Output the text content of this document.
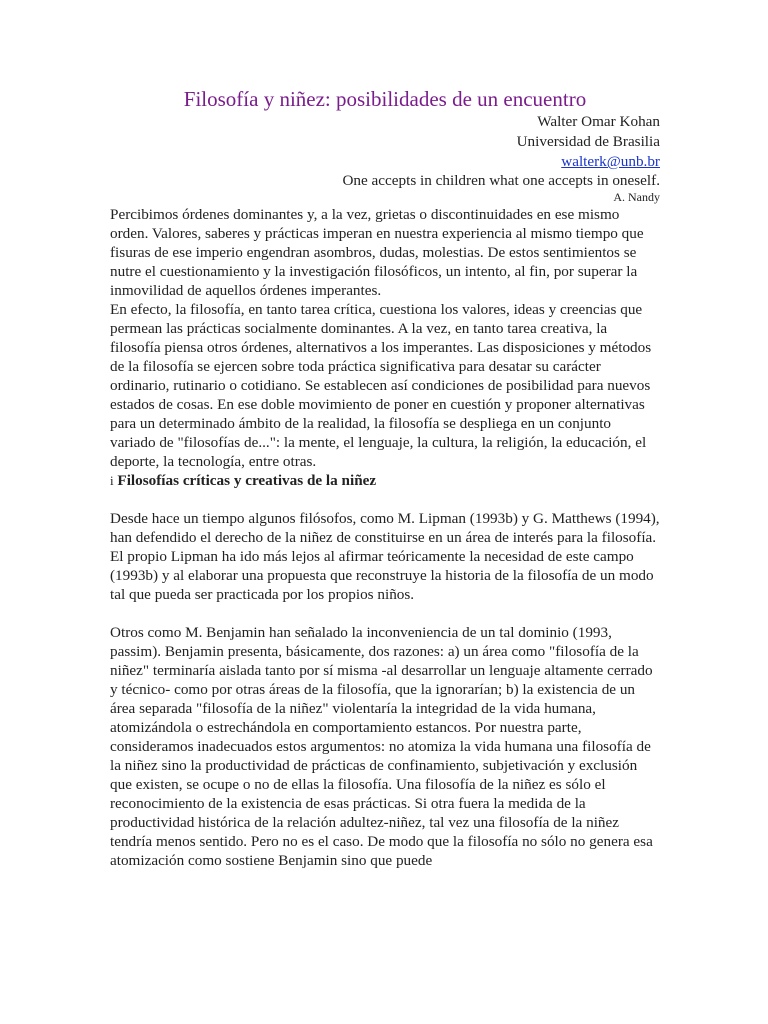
Filosofía y niñez: posibilidades de un encuentro
Walter Omar Kohan
Universidad de Brasilia
walterk@unb.br
One accepts in children what one accepts in oneself.
A. Nandy

Percibimos órdenes dominantes y, a la vez, grietas o discontinuidades en ese mismo orden. Valores, saberes y prácticas imperan en nuestra experiencia al mismo tiempo que fisuras de ese imperio engendran asombros, dudas, molestias. De estos sentimientos se nutre el cuestionamiento y la investigación filosóficos, un intento, al fin, por superar la inmovilidad de aquellos órdenes imperantes.

En efecto, la filosofía, en tanto tarea crítica, cuestiona los valores, ideas y creencias que permean las prácticas socialmente dominantes. A la vez, en tanto tarea creativa, la filosofía piensa otros órdenes, alternativos a los imperantes. Las disposiciones y métodos de la filosofía se ejercen sobre toda práctica significativa para desatar su carácter ordinario, rutinario o cotidiano. Se establecen así condiciones de posibilidad para nuevos estados de cosas. En ese doble movimiento de poner en cuestión y proponer alternativas para un determinado ámbito de la realidad, la filosofía se despliega en un conjunto variado de "filosofías de...": la mente, el lenguaje, la cultura, la religión, la educación, el deporte, la tecnología, entre otras.

i Filosofías críticas y creativas de la niñez

Desde hace un tiempo algunos filósofos, como M. Lipman (1993b) y G. Matthews (1994), han defendido el derecho de la niñez de constituirse en un área de interés para la filosofía. El propio Lipman ha ido más lejos al afirmar teóricamente la necesidad de este campo (1993b) y al elaborar una propuesta que reconstruye la historia de la filosofía de un modo tal que pueda ser practicada por los propios niños.

Otros como M. Benjamin han señalado la inconveniencia de un tal dominio (1993, passim). Benjamin presenta, básicamente, dos razones: a) un área como "filosofía de la niñez" terminaría aislada tanto por sí misma -al desarrollar un lenguaje altamente cerrado y técnico- como por otras áreas de la filosofía, que la ignorarían; b) la existencia de un área separada "filosofía de la niñez" violentaría la integridad de la vida humana, atomizándola o estrechándola en comportamiento estancos. Por nuestra parte, consideramos inadecuados estos argumentos: no atomiza la vida humana una filosofía de la niñez sino la productividad de prácticas de confinamiento, subjetivación y exclusión que existen, se ocupe o no de ellas la filosofía. Una filosofía de la niñez es sólo el reconocimiento de la existencia de esas prácticas. Si otra fuera la medida de la productividad histórica de la relación adultez-niñez, tal vez una filosofía de la niñez tendría menos sentido. Pero no es el caso. De modo que la filosofía no sólo no genera esa atomización como sostiene Benjamin sino que puede
